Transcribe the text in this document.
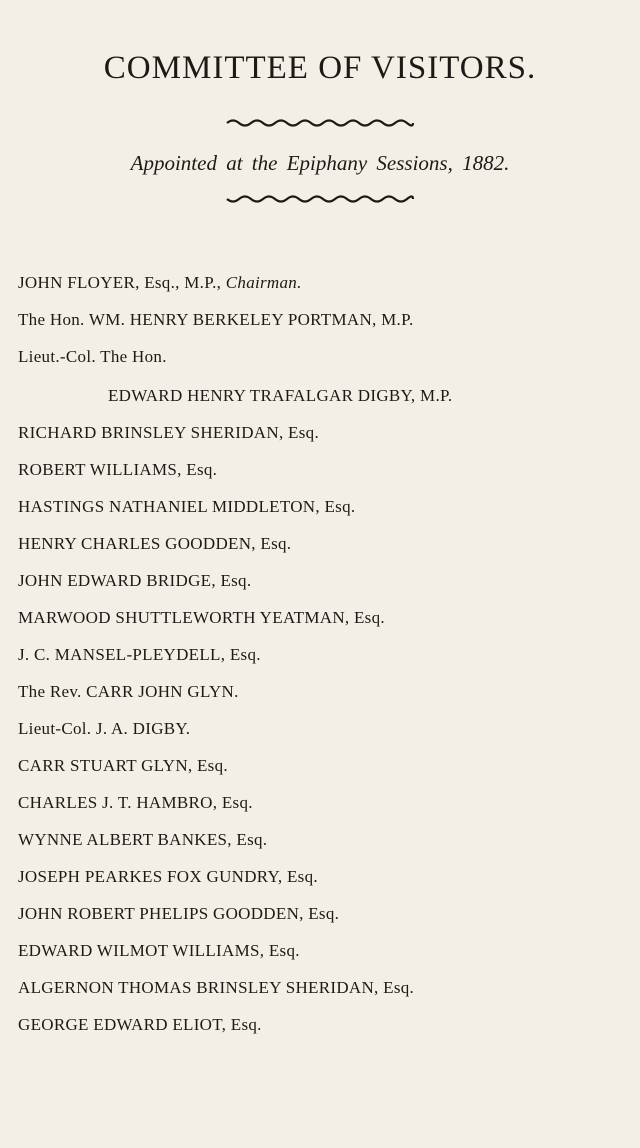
COMMITTEE OF VISITORS.
Appointed at the Epiphany Sessions, 1882.
JOHN FLOYER, Esq., M.P., Chairman.
The Hon. WM. HENRY BERKELEY PORTMAN, M.P.
Lieut.-Col. The Hon.
EDWARD HENRY TRAFALGAR DIGBY, M.P.
RICHARD BRINSLEY SHERIDAN, Esq.
ROBERT WILLIAMS, Esq.
HASTINGS NATHANIEL MIDDLETON, Esq.
HENRY CHARLES GOODDEN, Esq.
JOHN EDWARD BRIDGE, Esq.
MARWOOD SHUTTLEWORTH YEATMAN, Esq.
J. C. MANSEL-PLEYDELL, Esq.
The Rev. CARR JOHN GLYN.
Lieut-Col. J. A. DIGBY.
CARR STUART GLYN, Esq.
CHARLES J. T. HAMBRO, Esq.
WYNNE ALBERT BANKES, Esq.
JOSEPH PEARKES FOX GUNDRY, Esq.
JOHN ROBERT PHELIPS GOODDEN, Esq.
EDWARD WILMOT WILLIAMS, Esq.
ALGERNON THOMAS BRINSLEY SHERIDAN, Esq.
GEORGE EDWARD ELIOT, Esq.
